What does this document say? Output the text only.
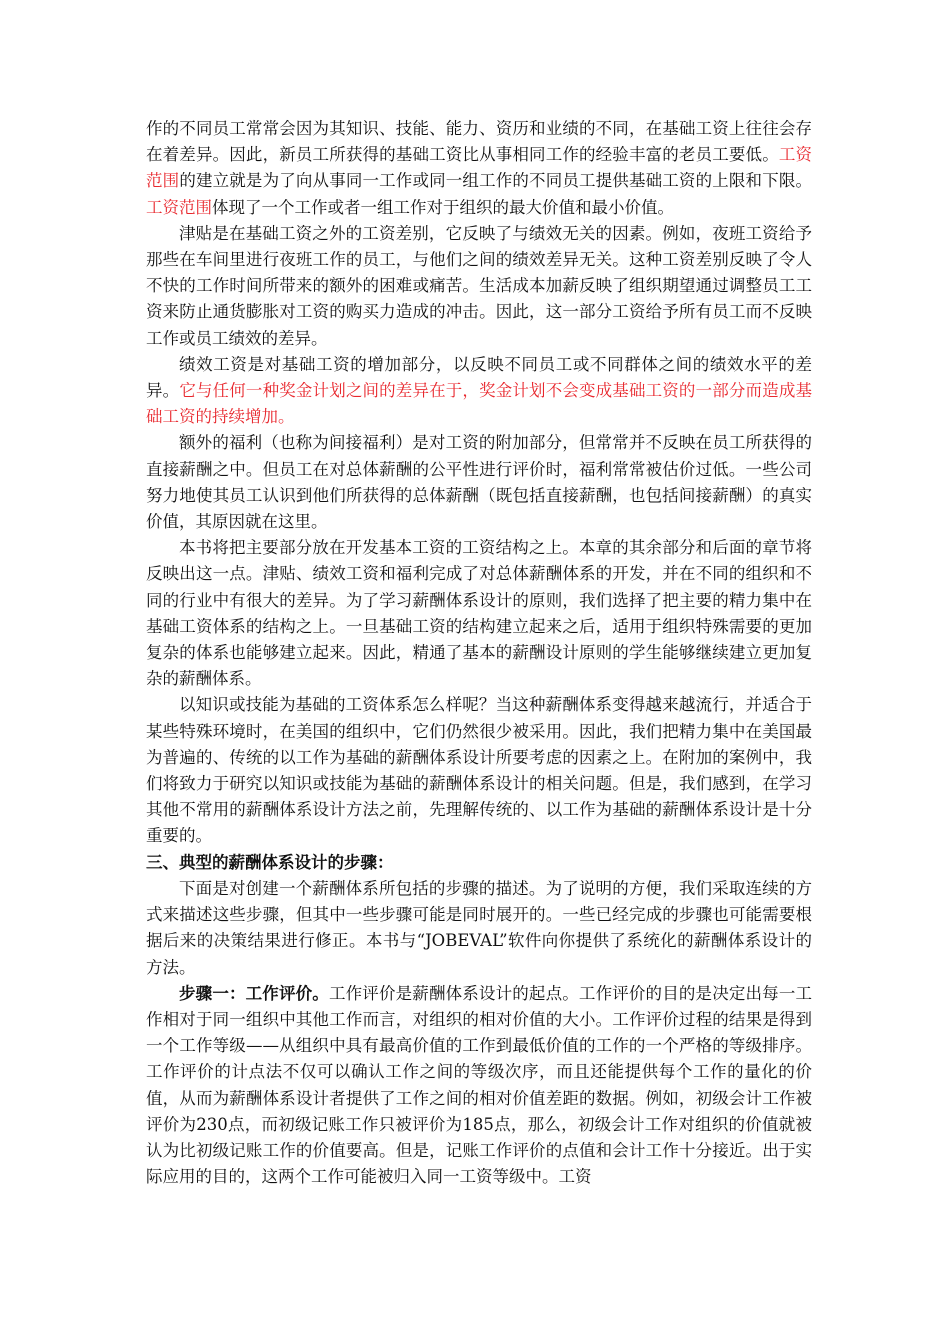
作的不同员工常常会因为其知识、技能、能力、资历和业绩的不同，在基础工资上往往会存在着差异。因此，新员工所获得的基础工资比从事相同工作的经验丰富的老员工要低。工资范围的建立就是为了向从事同一工作或同一组工作的不同员工提供基础工资的上限和下限。工资范围体现了一个工作或者一组工作对于组织的最大价值和最小价值。

津贴是在基础工资之外的工资差别，它反映了与绩效无关的因素。例如，夜班工资给予那些在车间里进行夜班工作的员工，与他们之间的绩效差异无关。这种工资差别反映了令人不快的工作时间所带来的额外的困难或痛苦。生活成本加薪反映了组织期望通过调整员工工资来防止通货膨胀对工资的购买力造成的冲击。因此，这一部分工资给予所有员工而不反映工作或员工绩效的差异。

绩效工资是对基础工资的增加部分，以反映不同员工或不同群体之间的绩效水平的差异。它与任何一种奖金计划之间的差异在于，奖金计划不会变成基础工资的一部分而造成基础工资的持续增加。

额外的福利（也称为间接福利）是对工资的附加部分，但常常并不反映在员工所获得的直接薪酬之中。但员工在对总体薪酬的公平性进行评价时，福利常常被估价过低。一些公司努力地使其员工认识到他们所获得的总体薪酬（既包括直接薪酬，也包括间接薪酬）的真实价值，其原因就在这里。

本书将把主要部分放在开发基本工资的工资结构之上。本章的其余部分和后面的章节将反映出这一点。津贴、绩效工资和福利完成了对总体薪酬体系的开发，并在不同的组织和不同的行业中有很大的差异。为了学习薪酬体系设计的原则，我们选择了把主要的精力集中在基础工资体系的结构之上。一旦基础工资的结构建立起来之后，适用于组织特殊需要的更加复杂的体系也能够建立起来。因此，精通了基本的薪酬设计原则的学生能够继续建立更加复杂的薪酬体系。

以知识或技能为基础的工资体系怎么样呢？当这种薪酬体系变得越来越流行，并适合于某些特殊环境时，在美国的组织中，它们仍然很少被采用。因此，我们把精力集中在美国最为普遍的、传统的以工作为基础的薪酬体系设计所要考虑的因素之上。在附加的案例中，我们将致力于研究以知识或技能为基础的薪酬体系设计的相关问题。但是，我们感到，在学习其他不常用的薪酬体系设计方法之前，先理解传统的、以工作为基础的薪酬体系设计是十分重要的。

三、典型的薪酬体系设计的步骤：

下面是对创建一个薪酬体系所包括的步骤的描述。为了说明的方便，我们采取连续的方式来描述这些步骤，但其中一些步骤可能是同时展开的。一些已经完成的步骤也可能需要根据后来的决策结果进行修正。本书与“JOBEVAL”软件向你提供了系统化的薪酬体系设计的方法。

步骤一：工作评价。工作评价是薪酬体系设计的起点。工作评价的目的是决定出每一工作相对于同一组织中其他工作而言，对组织的相对价值的大小。工作评价过程的结果是得到一个工作等级——从组织中具有最高价值的工作到最低价值的工作的一个严格的等级排序。工作评价的计点法不仅可以确认工作之间的等级次序，而且还能提供每个工作的量化的价值，从而为薪酬体系设计者提供了工作之间的相对价值差距的数据。例如，初级会计工作被评价为230点，而初级记账工作只被评价为185点，那么，初级会计工作对组织的价值就被认为比初级记账工作的价值要高。但是，记账工作评价的点值和会计工作十分接近。出于实际应用的目的，这两个工作可能被归入同一工资等级中。工资
